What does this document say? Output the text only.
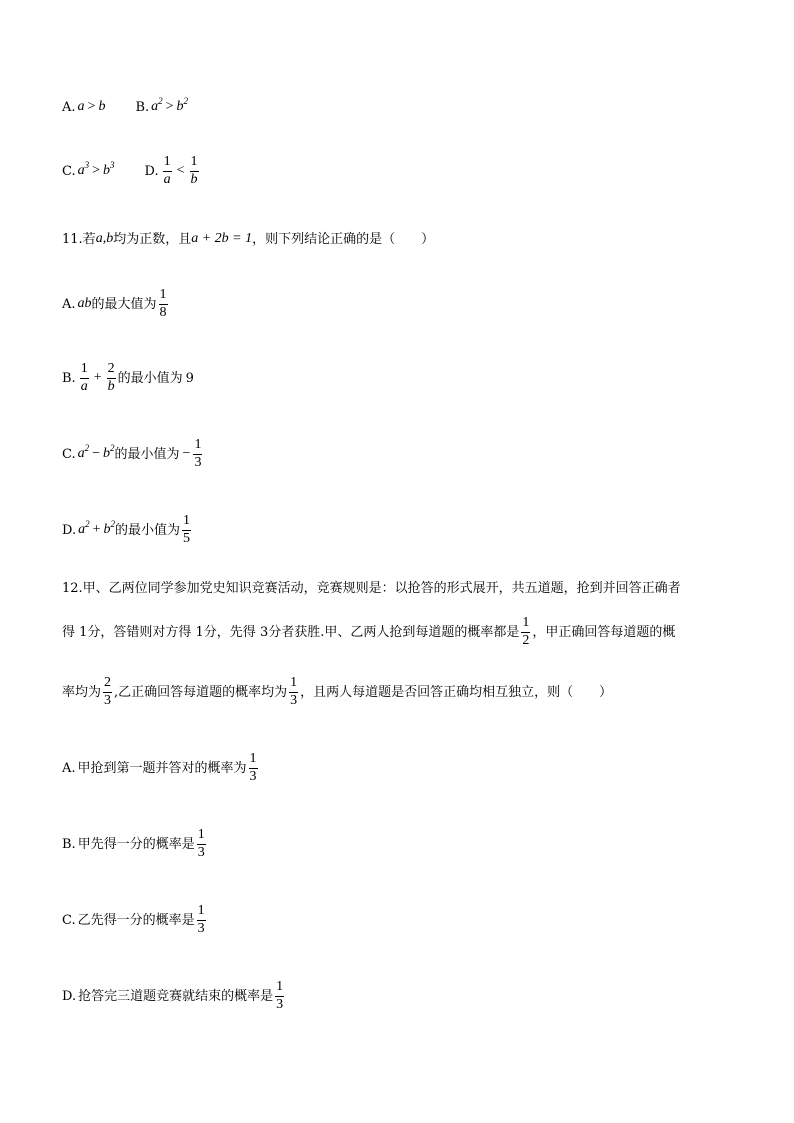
A. a > b B. $a^2 > b^2$
C. $a^3 > b^3$ D. $\frac{1}{a} < \frac{1}{b}$
11.若 a,b 均为正数，且 a + 2b = 1 ，则下列结论正确的是（　　）
A. ab 的最大值为 $\frac{1}{8}$
B. $\frac{1}{a} + \frac{2}{b}$ 的最小值为 9
C. $a^2 - b^2$ 的最小值为 − $\frac{1}{3}$
D. $a^2 + b^2$ 的最小值为 $\frac{1}{5}$
12.甲、乙两位同学参加党史知识竞赛活动，竞赛规则是：以抢答的形式展开，共五道题，抢到并回答正确者
得 1分，答错则对方得 1分，先得 3分者获胜.甲、乙两人抢到每道题的概率都是 $\frac{1}{2}$ ，甲正确回答每道题的概
率均为 $\frac{2}{3}$ ,乙正确回答每道题的概率均为 $\frac{1}{3}$ ，且两人每道题是否回答正确均相互独立，则（　　）
A. 甲抢到第一题并答对的概率为 $\frac{1}{3}$
B. 甲先得一分的概率是 $\frac{1}{3}$
C. 乙先得一分的概率是 $\frac{1}{3}$
D. 抢答完三道题竞赛就结束的概率是 $\frac{1}{3}$
